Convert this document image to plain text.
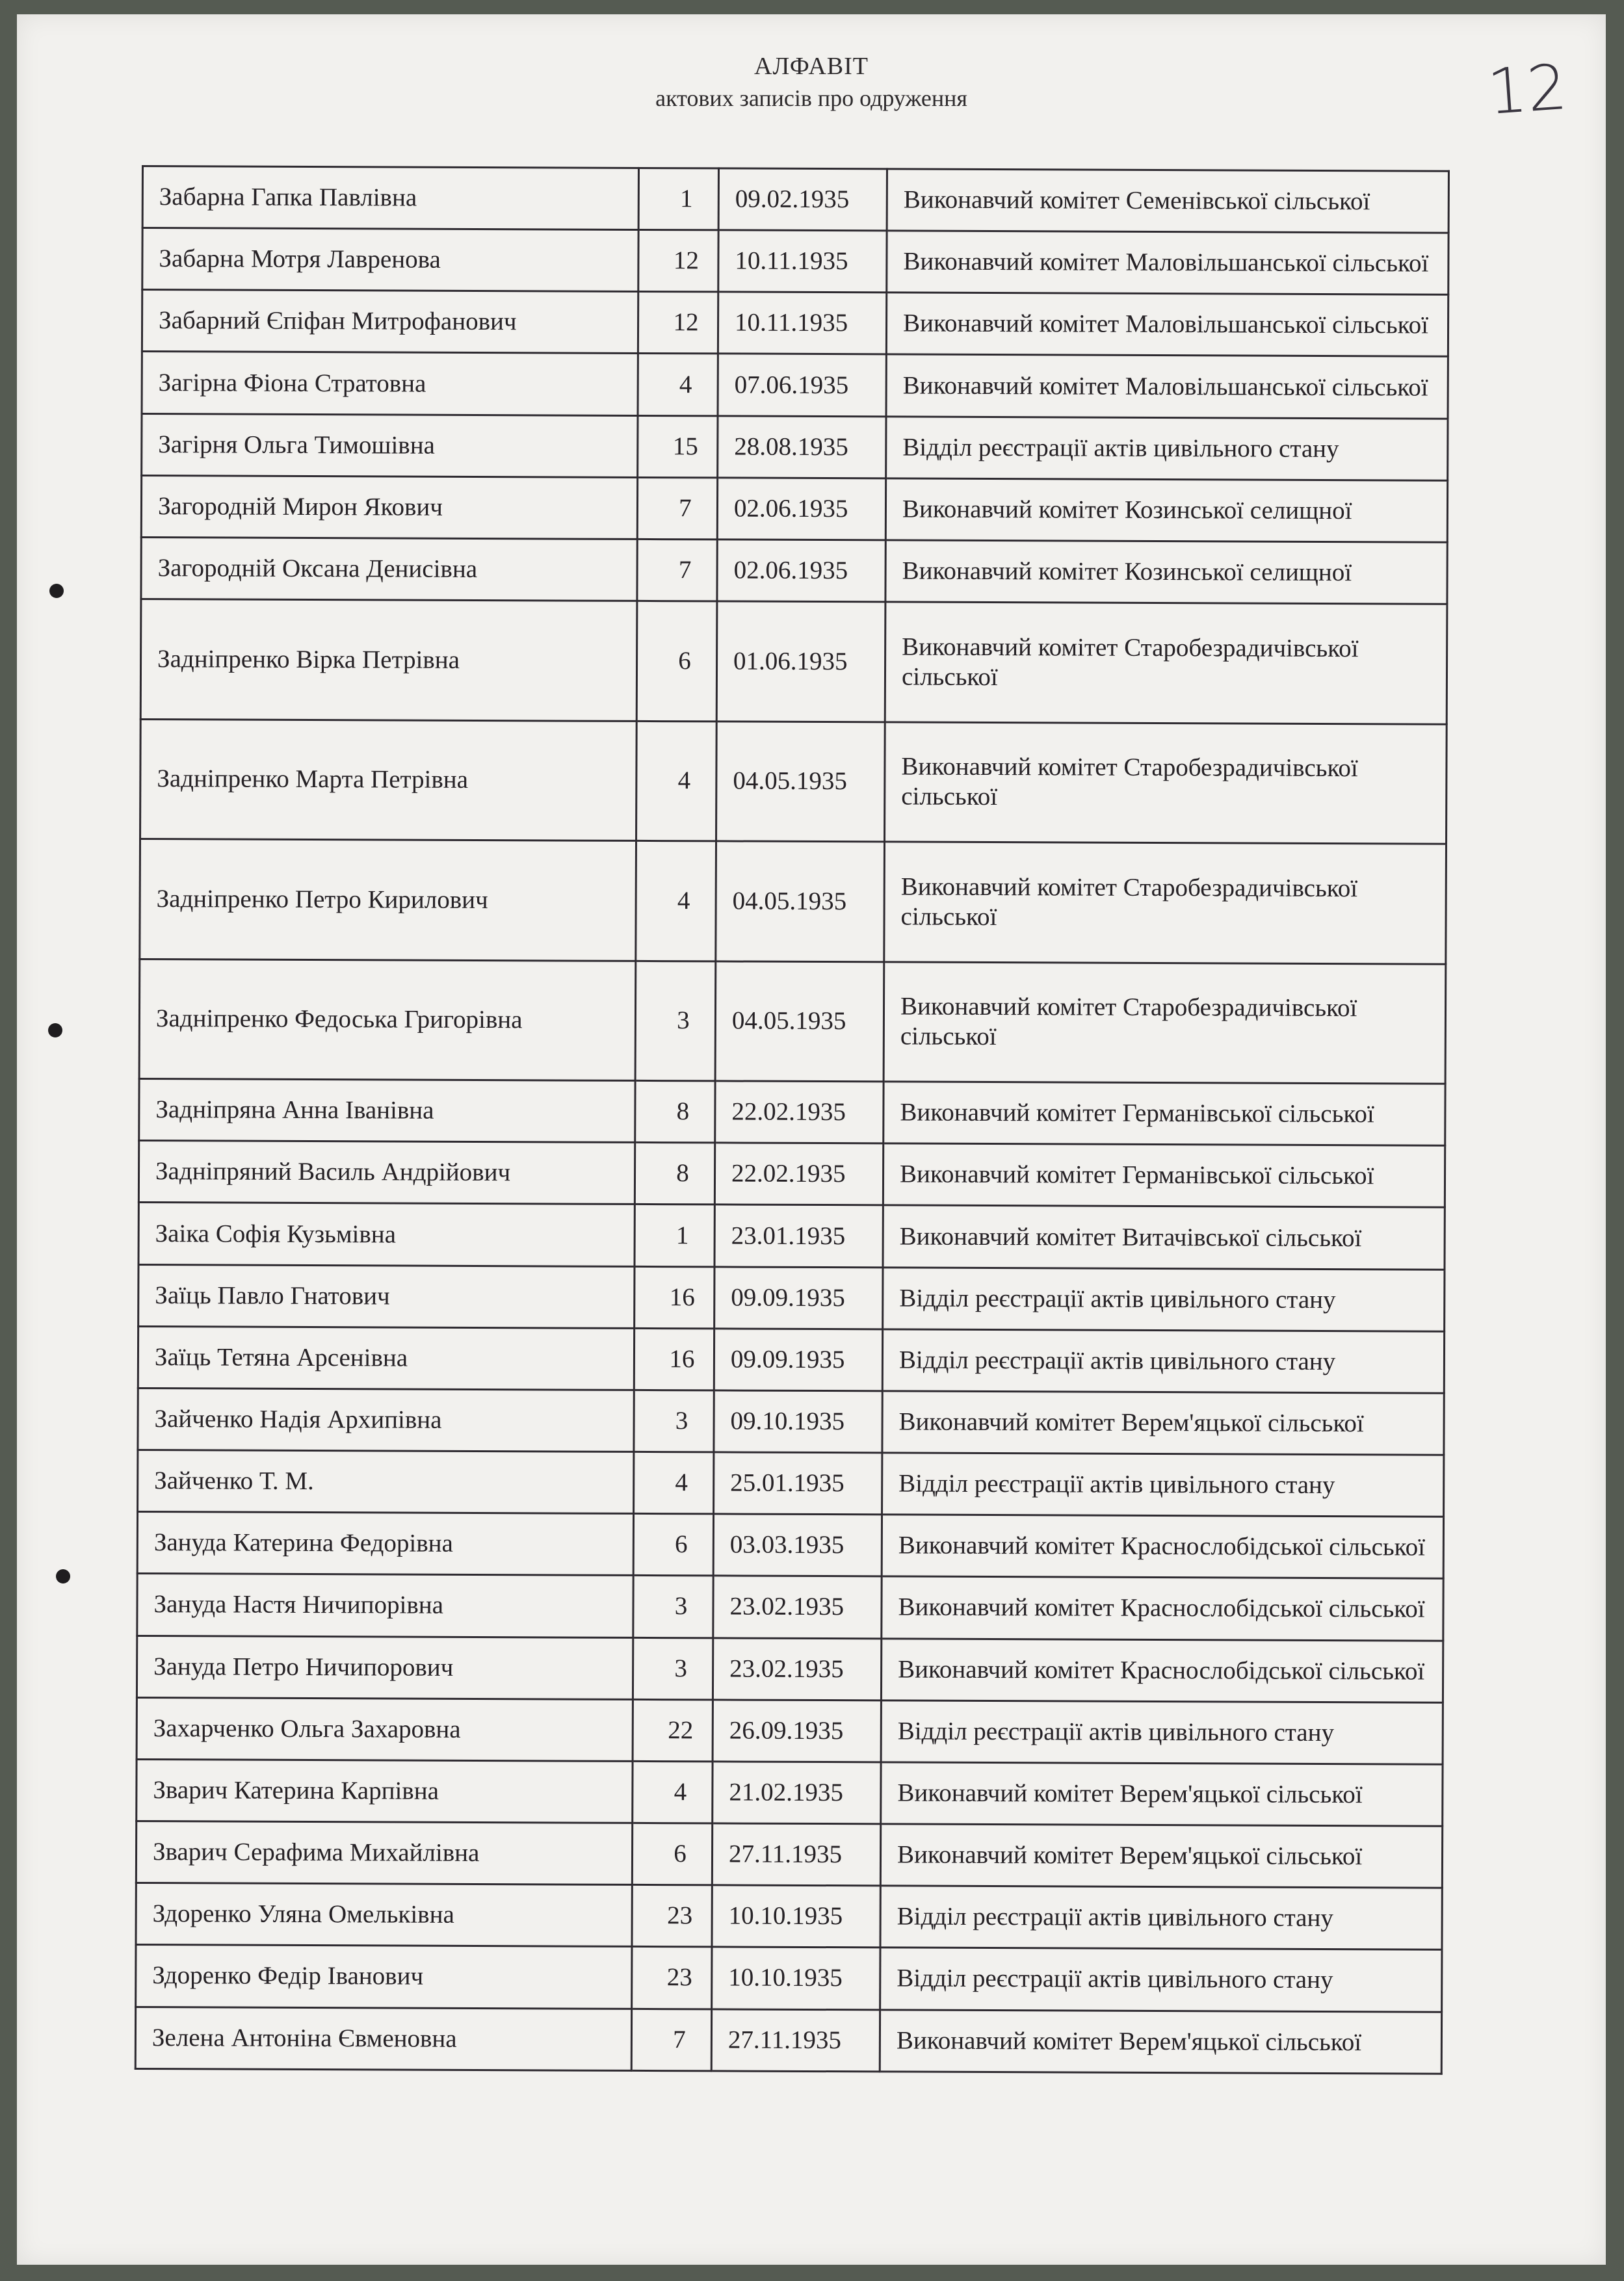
АЛФАВІТ
актових записів про одруження	12
Забарна Гапка Павлівна	1	09.02.1935	Виконавчий комітет Семенівської сільської
Забарна Мотря Лавренова	12	10.11.1935	Виконавчий комітет Маловільшанської сільської
Забарний Єпіфан Митрофанович	12	10.11.1935	Виконавчий комітет Маловільшанської сільської
Загірна Фіона Стратовна	4	07.06.1935	Виконавчий комітет Маловільшанської сільської
Загірня Ольга Тимошівна	15	28.08.1935	Відділ реєстрації актів цивільного стану
Загородній Мирон Якович	7	02.06.1935	Виконавчий комітет Козинської селищної
Загородній Оксана Денисівна	7	02.06.1935	Виконавчий комітет Козинської селищної
Задніпренко Вірка Петрівна	6	01.06.1935	Виконавчий комітет Старобезрадичівської сільської
Задніпренко Марта Петрівна	4	04.05.1935	Виконавчий комітет Старобезрадичівської сільської
Задніпренко Петро Кирилович	4	04.05.1935	Виконавчий комітет Старобезрадичівської сільської
Задніпренко Федоська Григорівна	3	04.05.1935	Виконавчий комітет Старобезрадичівської сільської
Задніпряна Анна Іванівна	8	22.02.1935	Виконавчий комітет Германівської сільської
Задніпряний Василь Андрійович	8	22.02.1935	Виконавчий комітет Германівської сільської
Заіка Софія Кузьмівна	1	23.01.1935	Виконавчий комітет Витачівської сільської
Заїць Павло Гнатович	16	09.09.1935	Відділ реєстрації актів цивільного стану
Заїць Тетяна Арсенівна	16	09.09.1935	Відділ реєстрації актів цивільного стану
Зайченко Надія Архипівна	3	09.10.1935	Виконавчий комітет Верем'яцької сільської
Зайченко Т. М.	4	25.01.1935	Відділ реєстрації актів цивільного стану
Зануда Катерина Федорівна	6	03.03.1935	Виконавчий комітет Краснослобідської сільської
Зануда Настя Ничипорівна	3	23.02.1935	Виконавчий комітет Краснослобідської сільської
Зануда Петро Ничипорович	3	23.02.1935	Виконавчий комітет Краснослобідської сільської
Захарченко Ольга Захаровна	22	26.09.1935	Відділ реєстрації актів цивільного стану
Зварич Катерина Карпівна	4	21.02.1935	Виконавчий комітет Верем'яцької сільської
Зварич Серафима Михайлівна	6	27.11.1935	Виконавчий комітет Верем'яцької сільської
Здоренко Уляна Омельківна	23	10.10.1935	Відділ реєстрації актів цивільного стану
Здоренко Федір Іванович	23	10.10.1935	Відділ реєстрації актів цивільного стану
Зелена Антоніна Євменовна	7	27.11.1935	Виконавчий комітет Верем'яцької сільської
